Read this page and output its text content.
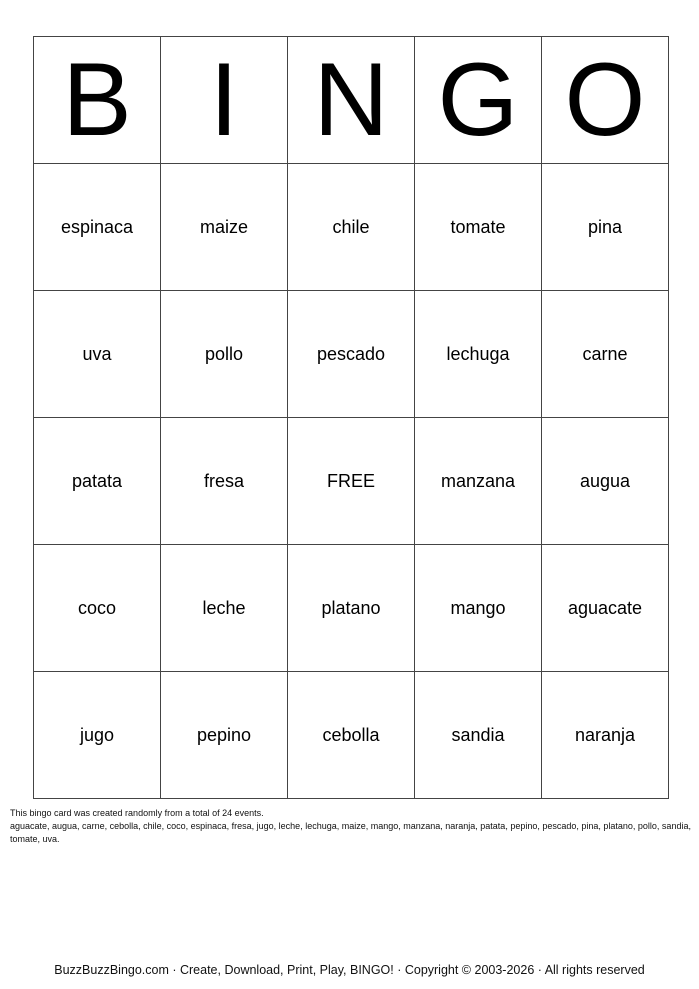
B	I	N	G	O
espinaca	maize	chile	tomate	pina
uva	pollo	pescado	lechuga	carne
patata	fresa	FREE	manzana	augua
coco	leche	platano	mango	aguacate
jugo	pepino	cebolla	sandia	naranja
This bingo card was created randomly from a total of 24 events.
aguacate, augua, carne, cebolla, chile, coco, espinaca, fresa, jugo, leche, lechuga, maize, mango, manzana, naranja, patata, pepino, pescado, pina, platano, pollo, sandia, tomate, uva.
BuzzBuzzBingo.com · Create, Download, Print, Play, BINGO! · Copyright © 2003-2026 · All rights reserved
